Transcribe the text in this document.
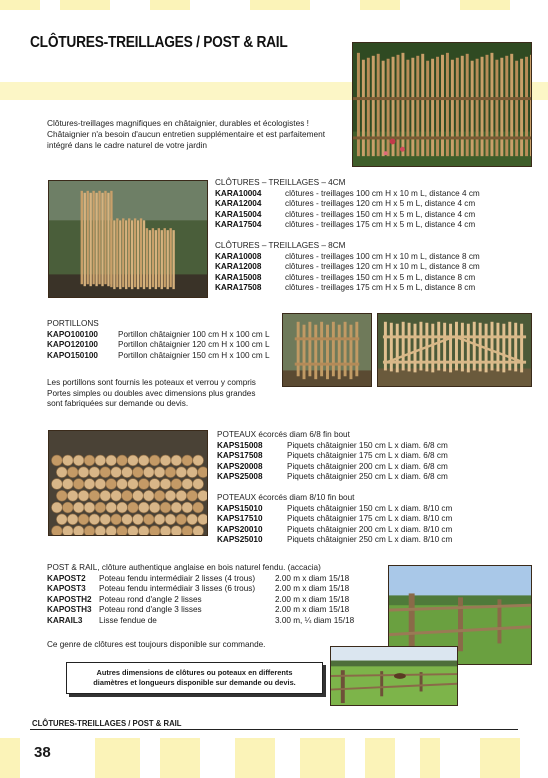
CLÔTURES-TREILLAGES / POST & RAIL
Clôtures-treillages magnifiques en châtaignier, durables et écologistes !
Châtaignier n'a besoin d'aucun entretien supplémentaire et est parfaitement
intégré dans le cadre naturel de votre jardin
CLÔTURES – TREILLAGES – 4CM
KARA10004	clôtures - treillages 100 cm H x 10 m L, distance 4 cm
KARA12004	clôtures - treillages 120 cm H x 5 m L, distance 4 cm
KARA15004	clôtures - treillages 150 cm H x 5 m L, distance 4 cm
KARA17504	clôtures - treillages 175 cm H x 5 m L, distance 4 cm
CLÔTURES – TREILLAGES – 8CM
KARA10008	clôtures - treillages 100 cm H x 10 m L, distance 8 cm
KARA12008	clôtures - treillages 120 cm H x 10 m L, distance 8 cm
KARA15008	clôtures - treillages 150 cm H x 5 m L, distance 8 cm
KARA17508	clôtures - treillages 175 cm H x 5 m L, distance 8 cm
PORTILLONS
KAPO100100	Portillon châtaignier 100 cm H x 100 cm L
KAPO120100	Portillon châtaignier 120 cm H x 100 cm L
KAPO150100	Portillon châtaignier 150 cm H x 100 cm L
Les portillons sont fournis les poteaux et verrou y compris
Portes simples ou doubles avec dimensions plus grandes
sont fabriquées sur demande ou devis.
POTEAUX écorcés diam 6/8 fin bout
KAPS15008	Piquets châtaignier 150 cm L x diam. 6/8 cm
KAPS17508	Piquets châtaignier 175 cm L x diam. 6/8 cm
KAPS20008	Piquets châtaignier 200 cm L x diam. 6/8 cm
KAPS25008	Piquets châtaignier 250 cm L x diam. 6/8 cm
POTEAUX écorcés diam 8/10 fin bout
KAPS15010	Piquets châtaignier 150 cm L x diam. 8/10 cm
KAPS17510	Piquets châtaignier 175 cm L x diam. 8/10 cm
KAPS20010	Piquets châtaignier 200 cm L x diam. 8/10 cm
KAPS25010	Piquets châtaignier 250 cm L x diam. 8/10 cm
POST & RAIL, clôture authentique anglaise en bois naturel fendu. (accacia)
KAPOST2	Poteau fendu intermédiair 2 lisses (4 trous)	2.00 m x diam 15/18
KAPOST3	Poteau fendu intermédiair 3 lisses (6 trous)	2.00 m x diam 15/18
KAPOSTH2 Poteau rond d'angle 2 lisses	2.00 m x diam 15/18
KAPOSTH3 Poteau rond d'angle 3 lisses	2.00 m x diam 15/18
KARAIL3	Lisse fendue de	3.00 m, ¼ diam 15/18
Ce genre de clôtures est toujours disponible sur commande.
Autres dimensions de clôtures ou poteaux en differents
diamètres et longueurs disponible sur demande ou devis.
CLÔTURES-TREILLAGES / POST & RAIL
38
